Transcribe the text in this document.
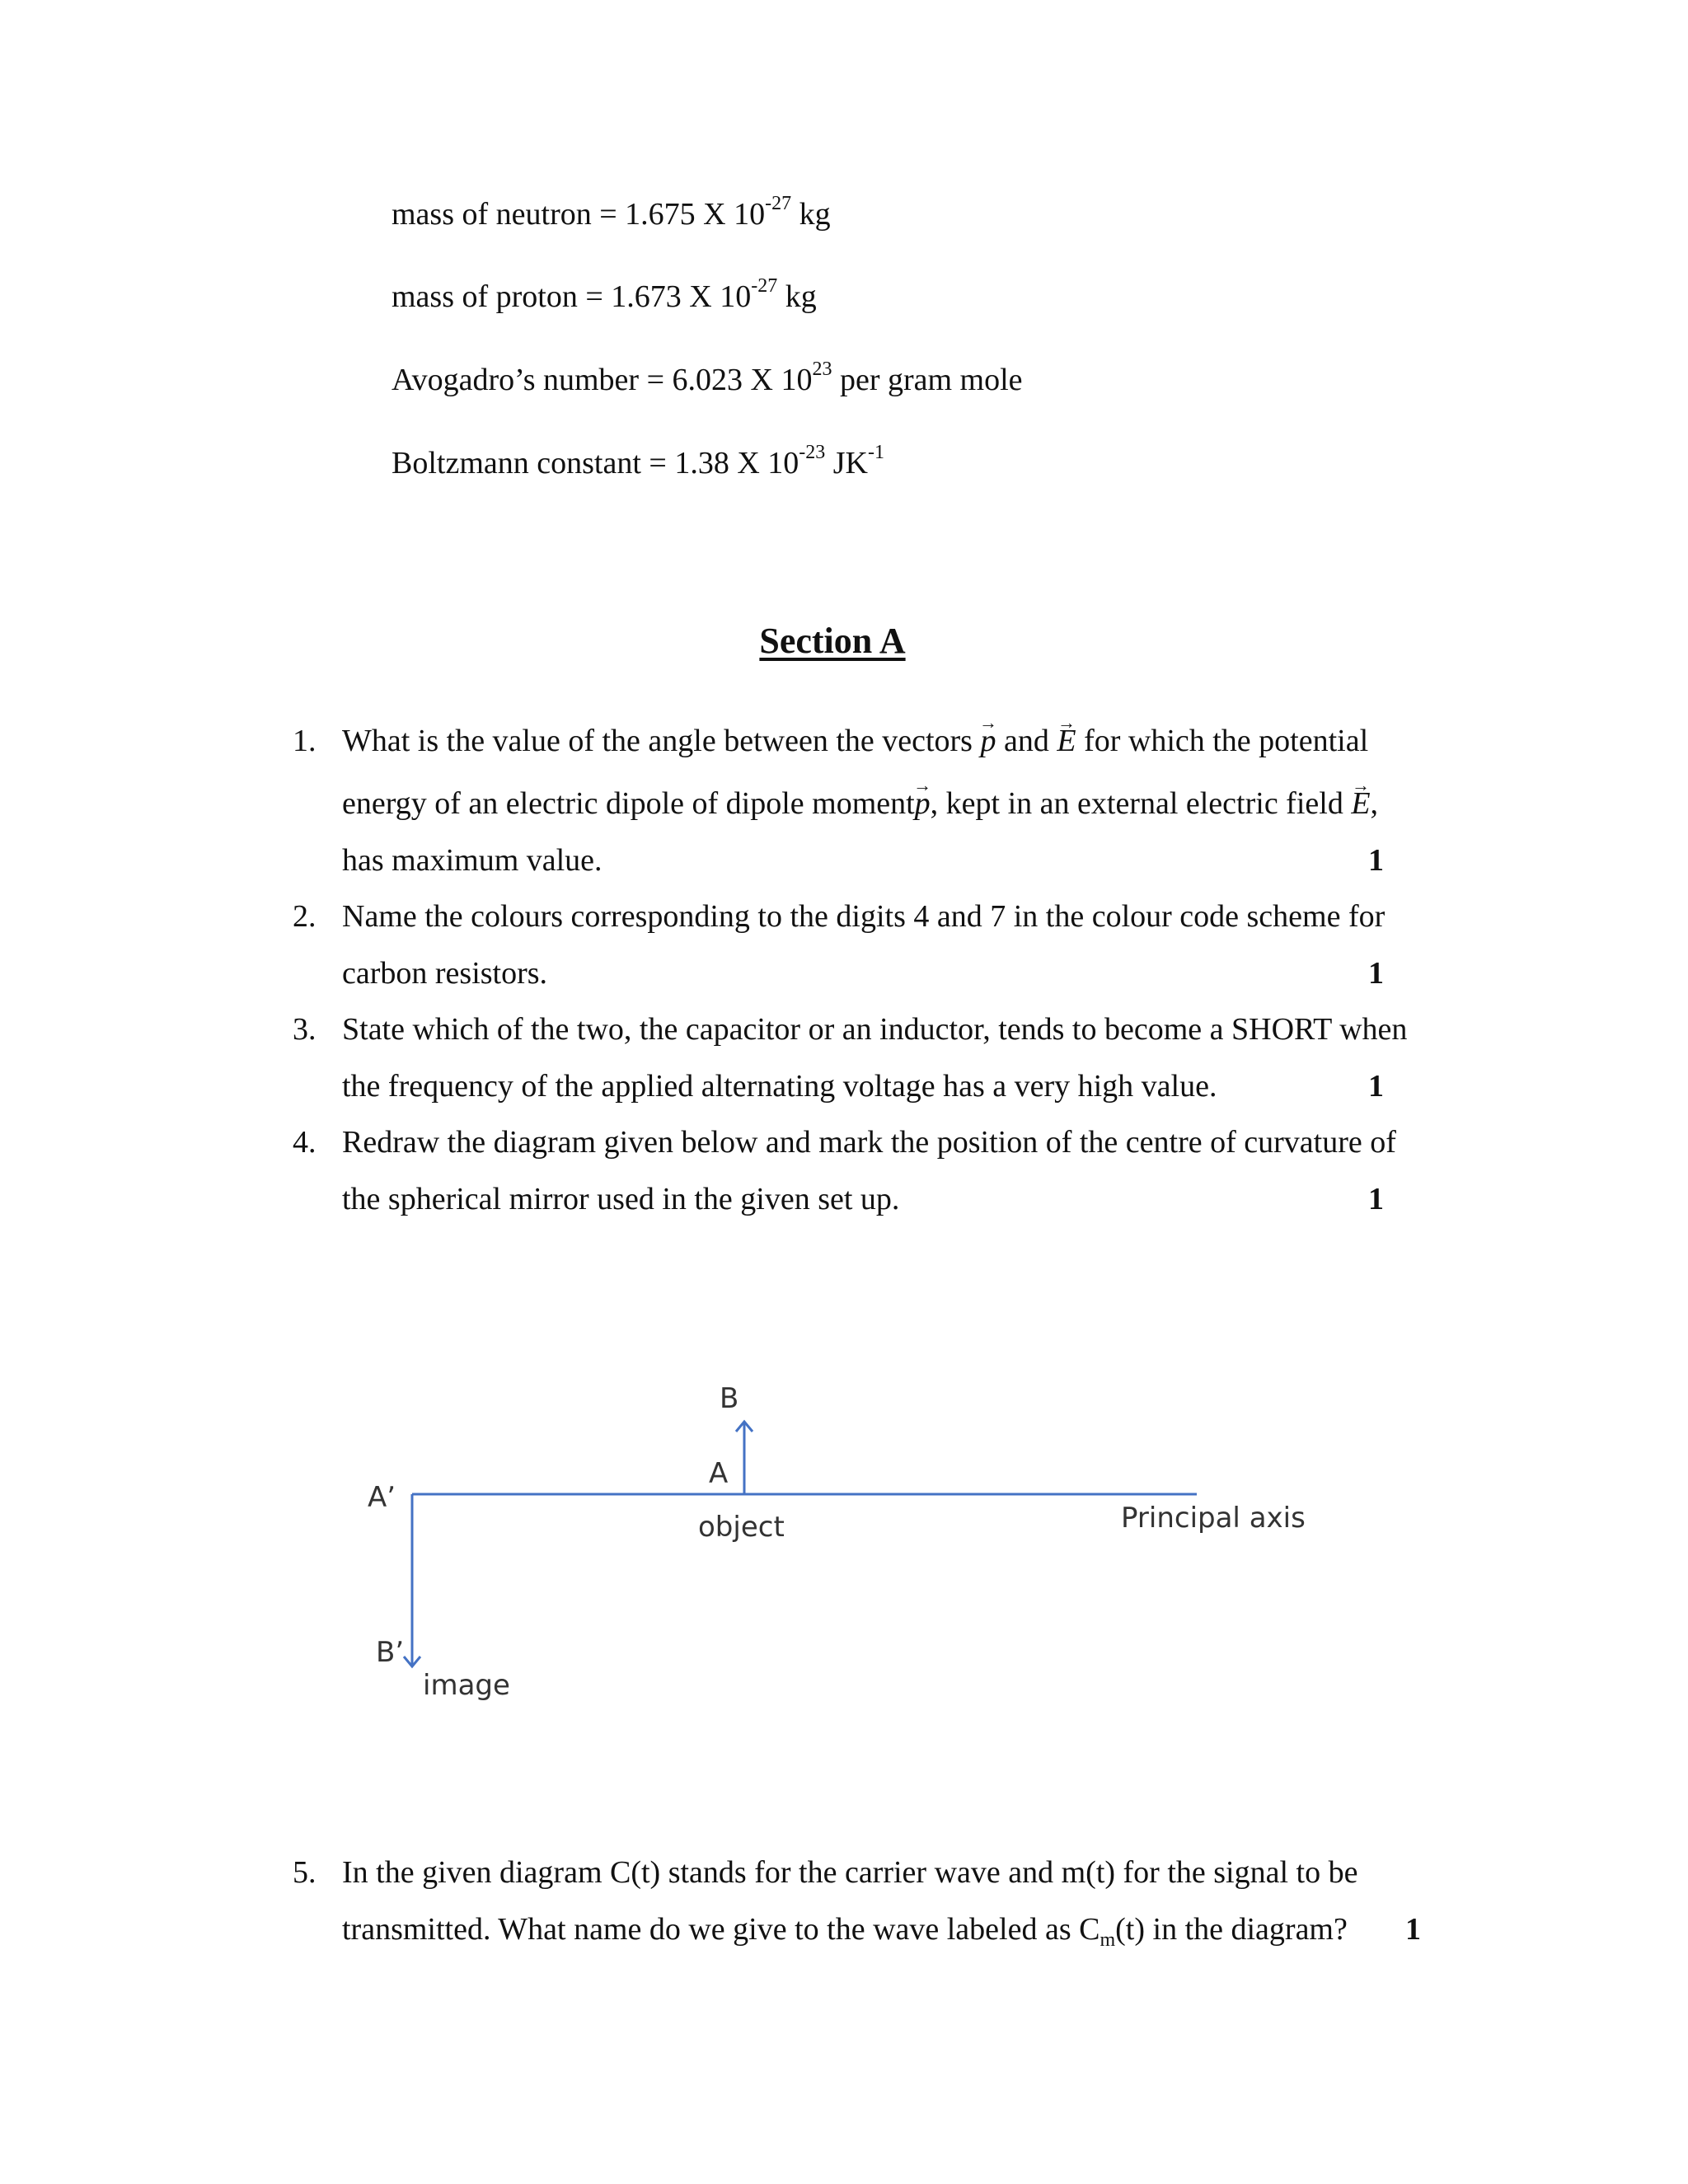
mass of neutron = 1.675 X $10^{-27}$ kg
mass of proton = 1.673 X $10^{-27}$ kg
Avogadro’s number = 6.023 X $10^{23}$ per gram mole
Boltzmann constant = 1.38 X $10^{-23}$ $JK^{-1}$
Section A
1. What is the value of the angle between the vectors → p and → E for which the potential
energy of an electric dipole of dipole moment→ p, kept in an external electric field → E,
has maximum value.	1
2. Name the colours corresponding to the digits 4 and 7 in the colour code scheme for
carbon resistors.	1
3. State which of the two, the capacitor or an inductor, tends to become a SHORT when
the frequency of the applied alternating voltage has a very high value.	1
4. Redraw the diagram given below and mark the position of the centre of curvature of
the spherical mirror used in the given set up.	1
B
A
object	Principal axis
A’
B’
image
5. In the given diagram C(t) stands for the carrier wave and m(t) for the signal to be
transmitted. What name do we give to the wave labeled as $C_m(t)$ in the diagram? 1
